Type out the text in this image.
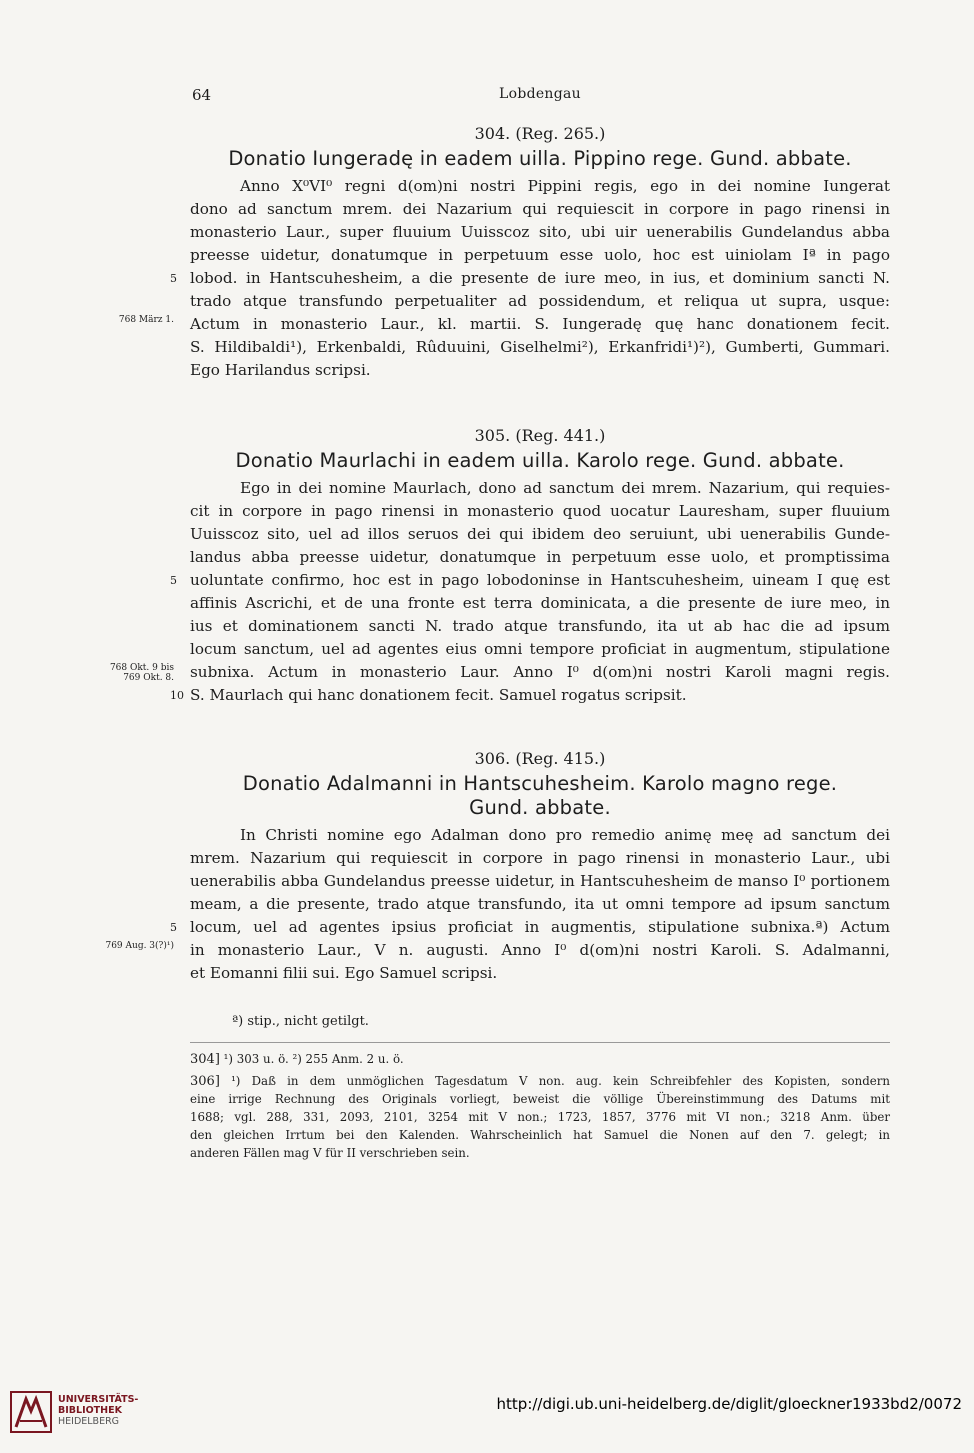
64	Lobdengau
304. (Reg. 265.)
Donatio Iungeradę in eadem uilla. Pippino rege. Gund. abbate.
Anno X⁰VI⁰ regni d(om)ni nostri Pippini regis, ego in dei nomine Iungerat
dono ad sanctum mrem. dei Nazarium qui requiescit in corpore in pago rinensi in
monasterio Laur., super fluuium Uuisscoz sito, ubi uir uenerabilis Gundelandus abba
preesse uidetur, donatumque in perpetuum esse uolo, hoc est uiniolam Iª in pago
lobod. in Hantscuhesheim, a die presente de iure meo, in ius, et dominium sancti N.
5
trado atque transfundo perpetualiter ad possidendum, et reliqua ut supra, usque:
Actum in monasterio Laur., kl. martii. S. Iungeradę quę hanc donationem fecit.
768 März 1.
S. Hildibaldi¹), Erkenbaldi, Rûduuini, Giselhelmi²), Erkanfridi¹)²), Gumberti, Gummari.
Ego Harilandus scripsi.
305. (Reg. 441.)
Donatio Maurlachi in eadem uilla. Karolo rege. Gund. abbate.
Ego in dei nomine Maurlach, dono ad sanctum dei mrem. Nazarium, qui requies-
cit in corpore in pago rinensi in monasterio quod uocatur Lauresham, super fluuium
Uuisscoz sito, uel ad illos seruos dei qui ibidem deo seruiunt, ubi uenerabilis Gunde-
landus abba preesse uidetur, donatumque in perpetuum esse uolo, et promptissima
uoluntate confirmo, hoc est in pago lobodoninse in Hantscuhesheim, uineam I quę est
5
affinis Ascrichi, et de una fronte est terra dominicata, a die presente de iure meo, in
ius et dominationem sancti N. trado atque transfundo, ita ut ab hac die ad ipsum
locum sanctum, uel ad agentes eius omni tempore proficiat in augmentum, stipulatione
subnixa. Actum in monasterio Laur. Anno I⁰ d(om)ni nostri Karoli magni regis.
768 Okt. 9 bis 769 Okt. 8.
S. Maurlach qui hanc donationem fecit. Samuel rogatus scripsit.
10
306. (Reg. 415.)
Donatio Adalmanni in Hantscuhesheim. Karolo magno rege.
Gund. abbate.
In Christi nomine ego Adalman dono pro remedio animę meę ad sanctum dei
mrem. Nazarium qui requiescit in corpore in pago rinensi in monasterio Laur., ubi
uenerabilis abba Gundelandus preesse uidetur, in Hantscuhesheim de manso I⁰ portionem
meam, a die presente, trado atque transfundo, ita ut omni tempore ad ipsum sanctum
locum, uel ad agentes ipsius proficiat in augmentis, stipulatione subnixa.ª) Actum
5
in monasterio Laur., V n. augusti. Anno I⁰ d(om)ni nostri Karoli. S. Adalmanni,
769 Aug. 3(?)¹)
et Eomanni filii sui. Ego Samuel scripsi.
ª) stip., nicht getilgt.
304] ¹) 303 u. ö. ²) 255 Anm. 2 u. ö.
306] ¹) Daß in dem unmöglichen Tagesdatum V non. aug. kein Schreibfehler des Kopisten, sondern
eine irrige Rechnung des Originals vorliegt, beweist die völlige Übereinstimmung des Datums mit
1688; vgl. 288, 331, 2093, 2101, 3254 mit V non.; 1723, 1857, 3776 mit VI non.; 3218 Anm. über
den gleichen Irrtum bei den Kalenden. Wahrscheinlich hat Samuel die Nonen auf den 7. gelegt; in
anderen Fällen mag V für II verschrieben sein.
UNIVERSITÄTS-
BIBLIOTHEK
HEIDELBERG
http://digi.ub.uni-heidelberg.de/diglit/gloeckner1933bd2/0072
